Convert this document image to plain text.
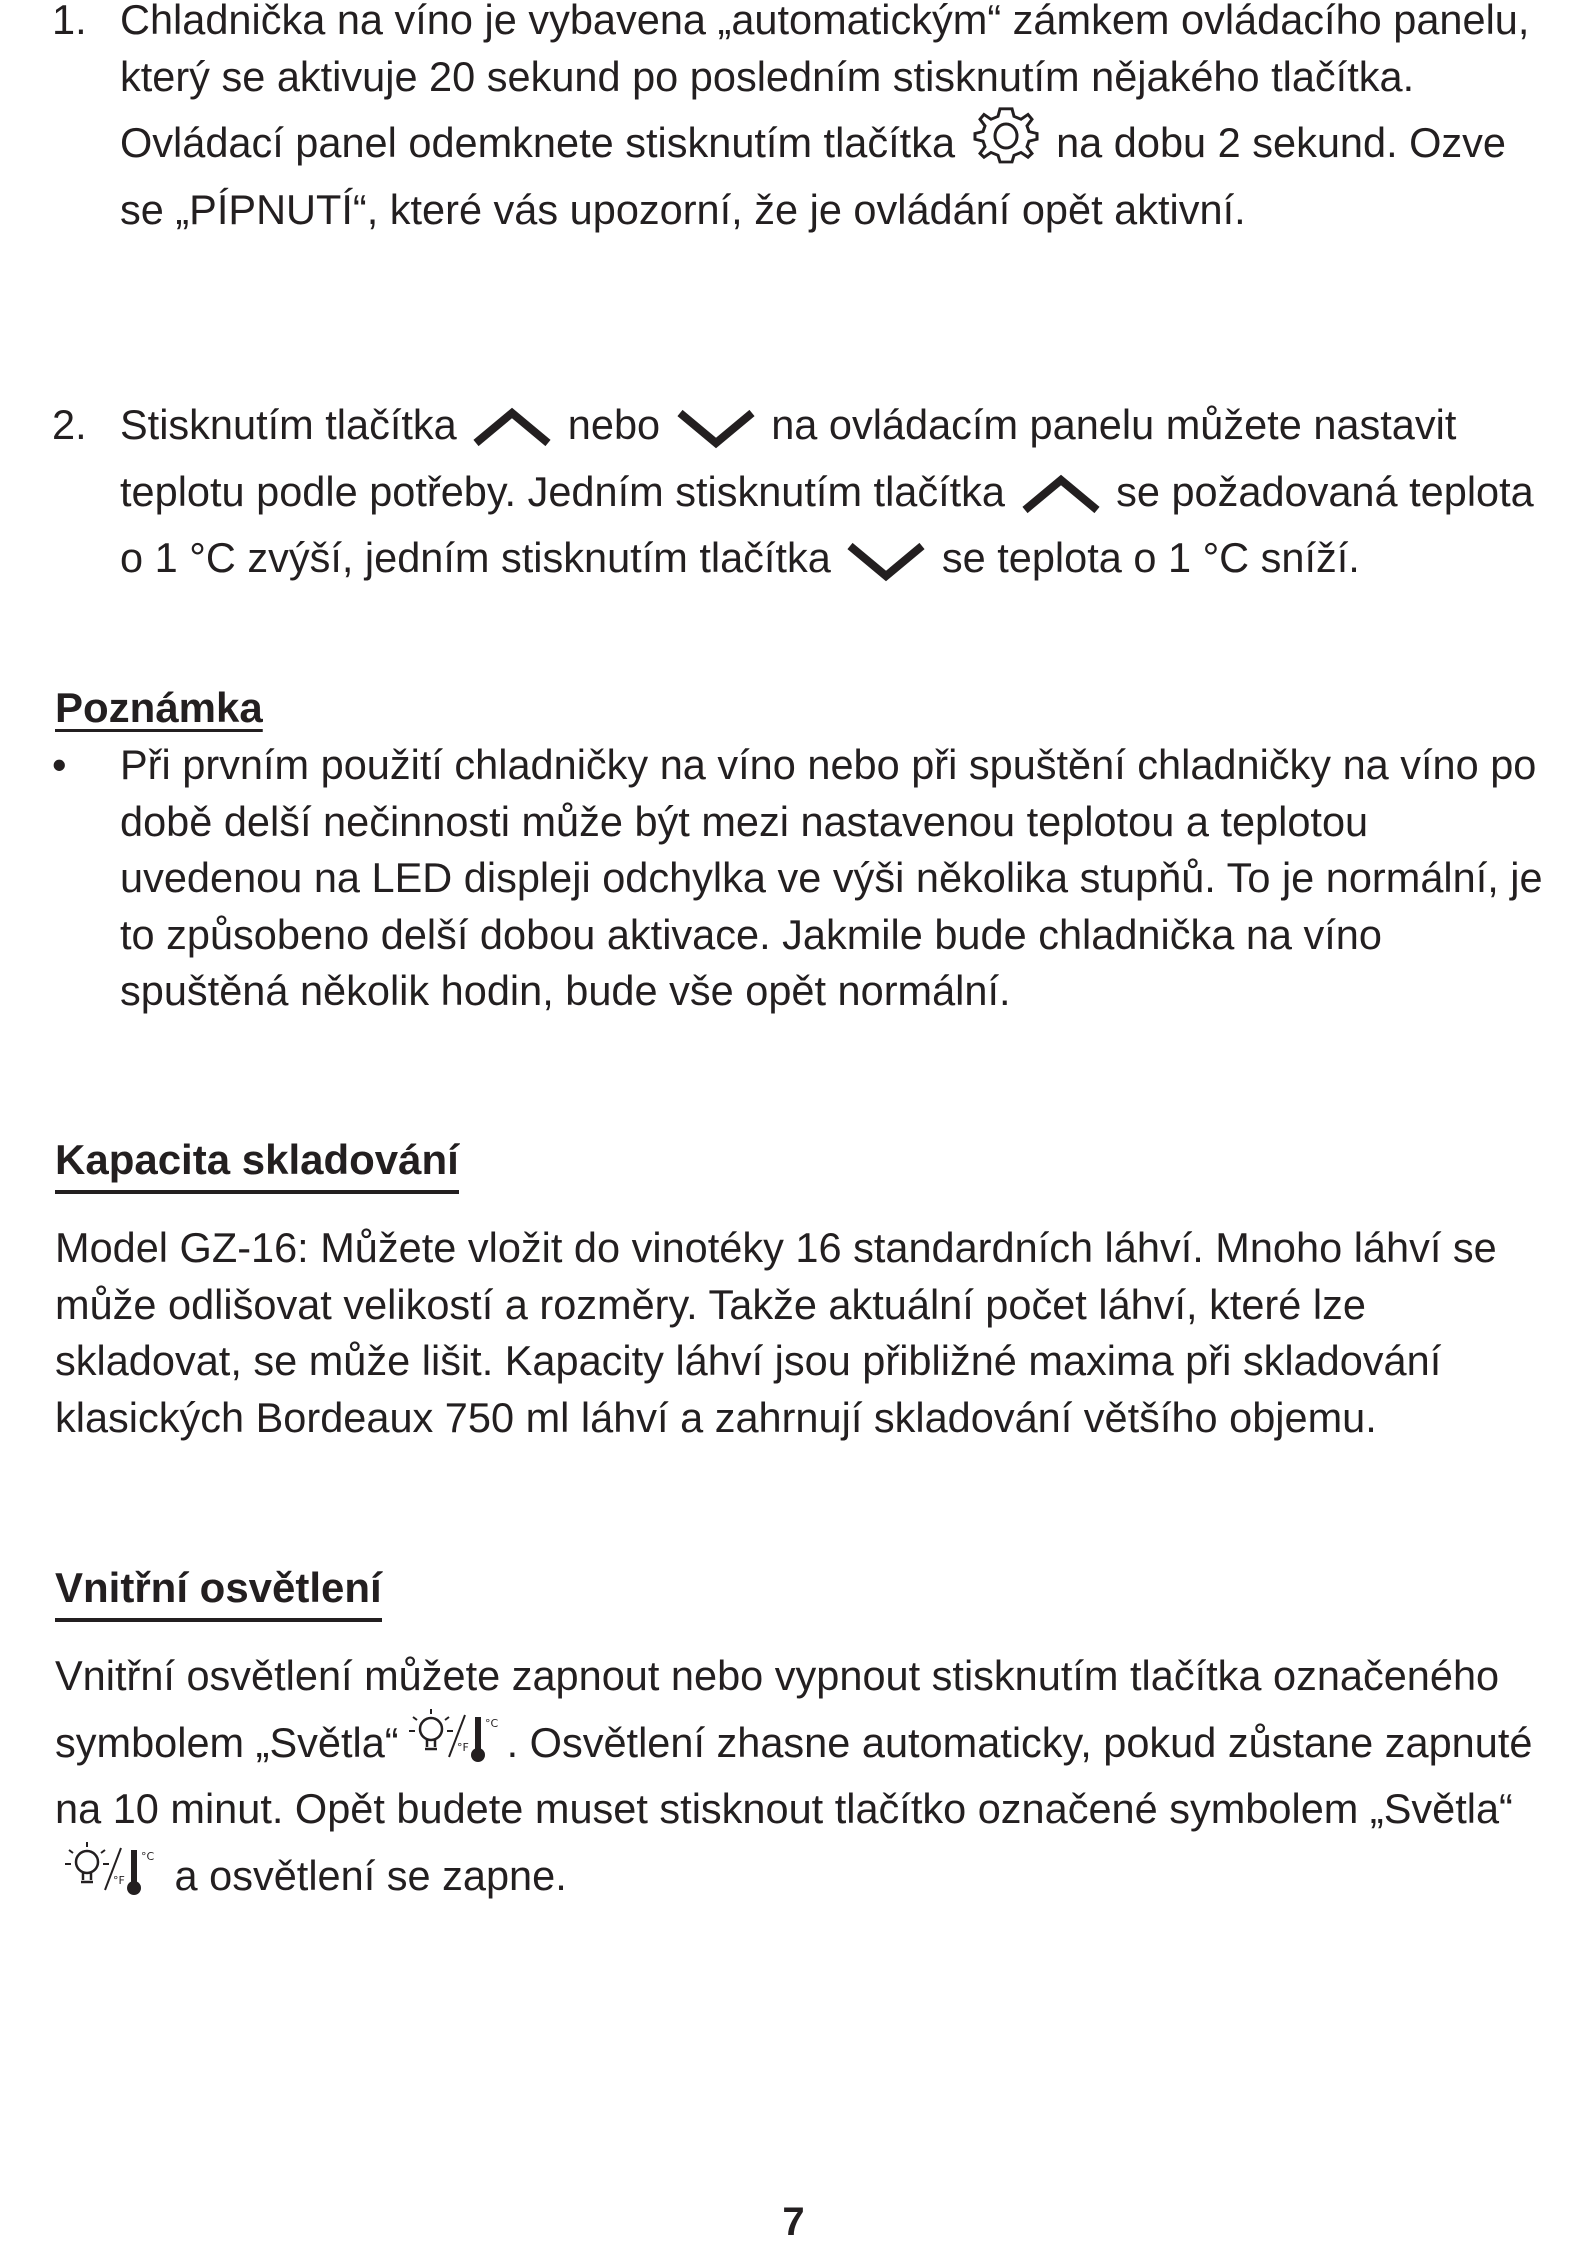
1. Chladnička na víno je vybavena „automatickým“ zámkem ovládacího panelu, který se aktivuje 20 sekund po posledním stisknutím nějakého tlačítka.

Ovládací panel odemknete stisknutím tlačítka na dobu 2 sekund. Ozve se „PÍPNUTÍ“, které vás upozorní, že je ovládání opět aktivní.

2. Stisknutím tlačítka	nebo	na ovládacím panelu můžete nastavit teplotu podle potřeby. Jedním stisknutím tlačítka	se požadovaná teplota o 1 °C zvýší, jedním stisknutím tlačítka	se teplota o 1 °C sníží.

Poznámka
• Při prvním použití chladničky na víno nebo při spuštění chladničky na víno po době delší nečinnosti může být mezi nastavenou teplotou a teplotou uvedenou na LED displeji odchylka ve výši několika stupňů. To je normální, je to způsobeno delší dobou aktivace. Jakmile bude chladnička na víno spuštěná několik hodin, bude vše opět normální.

Kapacita skladování

Model GZ-16: Můžete vložit do vinotéky 16 standardních láhví. Mnoho láhví se může odlišovat velikostí a rozměry. Takže aktuální počet láhví, které lze skladovat, se může lišit. Kapacity láhví jsou přibližné maxima při skladování klasických Bordeaux 750 ml láhví a zahrnují skladování většího objemu.

Vnitřní osvětlení

Vnitřní osvětlení můžete zapnout nebo vypnout stisknutím tlačítka označeného symbolem „Světla“	°F
°C . Osvětlení zhasne automaticky, pokud zůstane zapnuté na 10 minut. Opět budete muset stisknout tlačítko označené symbolem „Světla“
°F
°C a osvětlení se zapne.

7
